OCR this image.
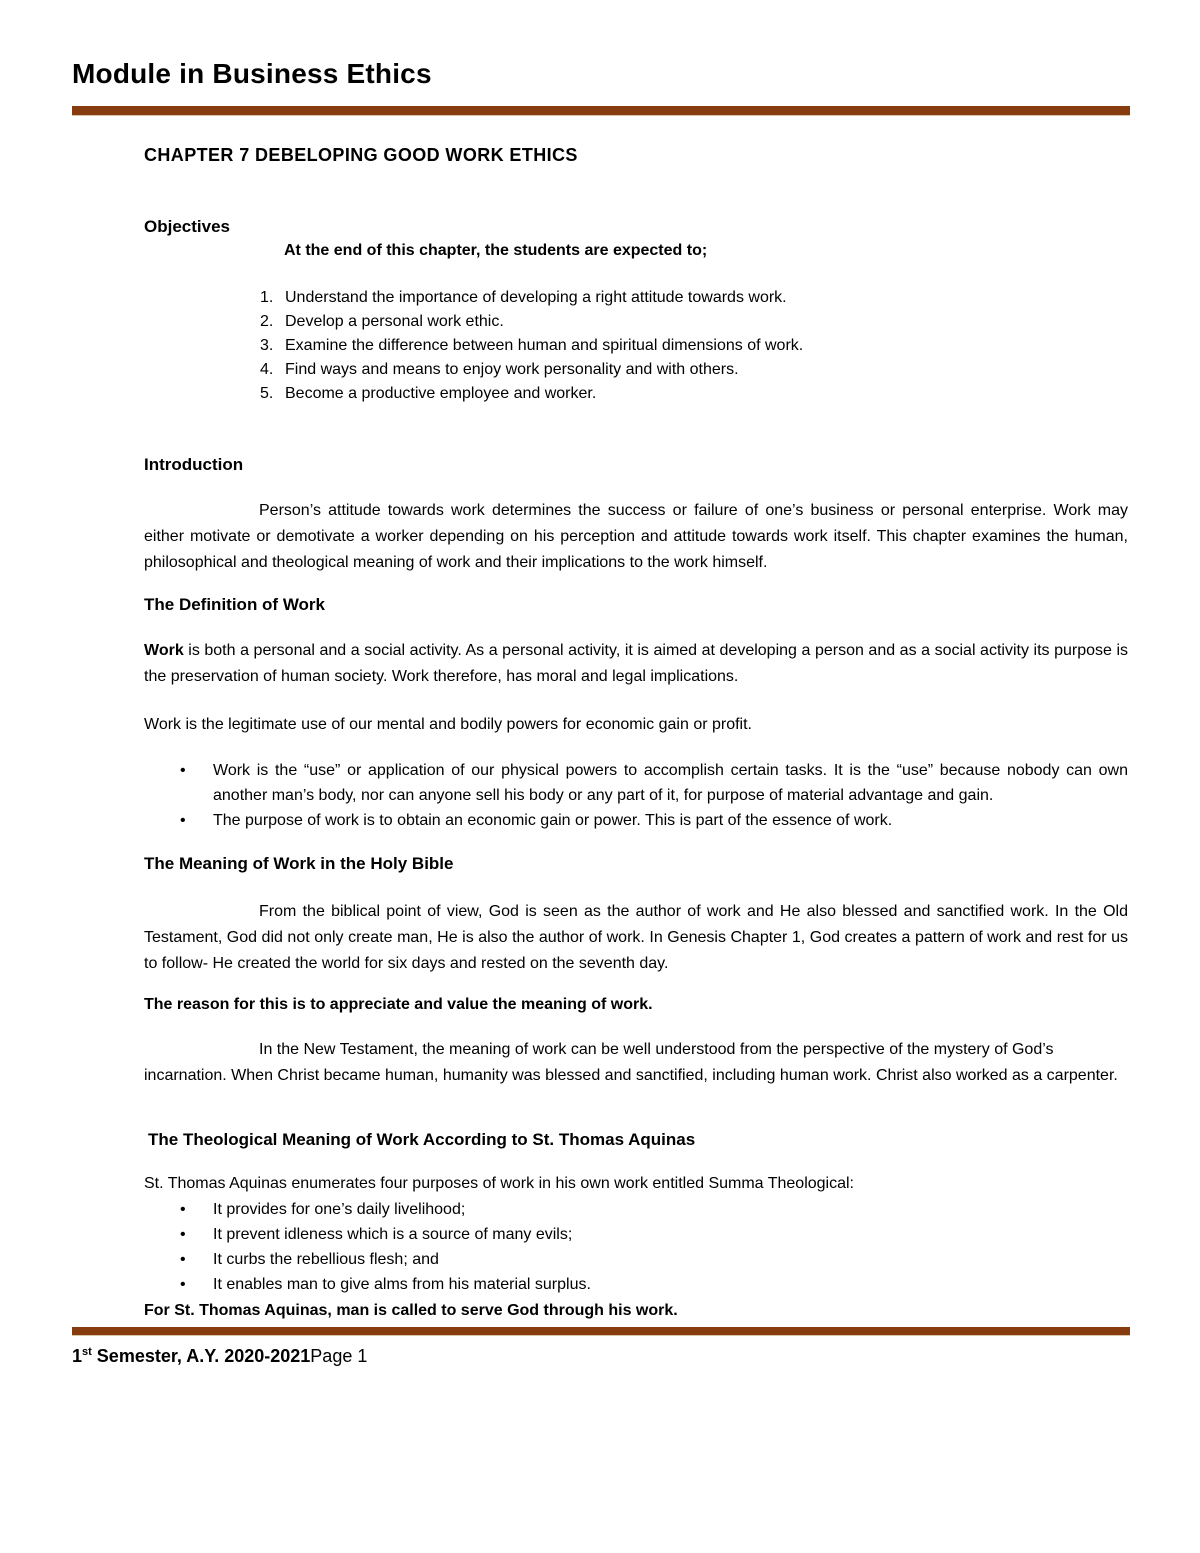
Module in Business Ethics
CHAPTER 7 DEBELOPING GOOD WORK ETHICS
Objectives

At the end of this chapter, the students are expected to;

Understand the importance of developing a right attitude towards work.
Develop a personal work ethic.
Examine the difference between human and spiritual dimensions of work.
Find ways and means to enjoy work personality and with others.
Become a productive employee and worker.
Introduction

Person’s attitude towards work determines the success or failure of one’s business or personal enterprise. Work may either motivate or demotivate a worker depending on his perception and attitude towards work itself. This chapter examines the human, philosophical and theological meaning of work and their implications to the work himself.

The Definition of Work

Work is both a personal and a social activity. As a personal activity, it is aimed at developing a person and as a social activity its purpose is the preservation of human society. Work therefore, has moral and legal implications.

Work is the legitimate use of our mental and bodily powers for economic gain or profit.

• Work is the “use” or application of our physical powers to accomplish certain tasks. It is the “use” because nobody can own another man’s body, nor can anyone sell his body or any part of it, for purpose of material advantage and gain.
• The purpose of work is to obtain an economic gain or power. This is part of the essence of work.
The Meaning of Work in the Holy Bible

From the biblical point of view, God is seen as the author of work and He also blessed and sanctified work. In the Old Testament, God did not only create man, He is also the author of work. In Genesis Chapter 1, God creates a pattern of work and rest for us to follow- He created the world for six days and rested on the seventh day.

The reason for this is to appreciate and value the meaning of work.

In the New Testament, the meaning of work can be well understood from the perspective of the mystery of God’s incarnation. When Christ became human, humanity was blessed and sanctified, including human work. Christ also worked as a carpenter.

The Theological Meaning of Work According to St. Thomas Aquinas

St. Thomas Aquinas enumerates four purposes of work in his own work entitled Summa Theological:

• It provides for one’s daily livelihood;
• It prevent idleness which is a source of many evils;
• It curbs the rebellious flesh; and
• It enables man to give alms from his material surplus.

For St. Thomas Aquinas, man is called to serve God through his work.

1st Semester, A.Y. 2020-2021Page 1
